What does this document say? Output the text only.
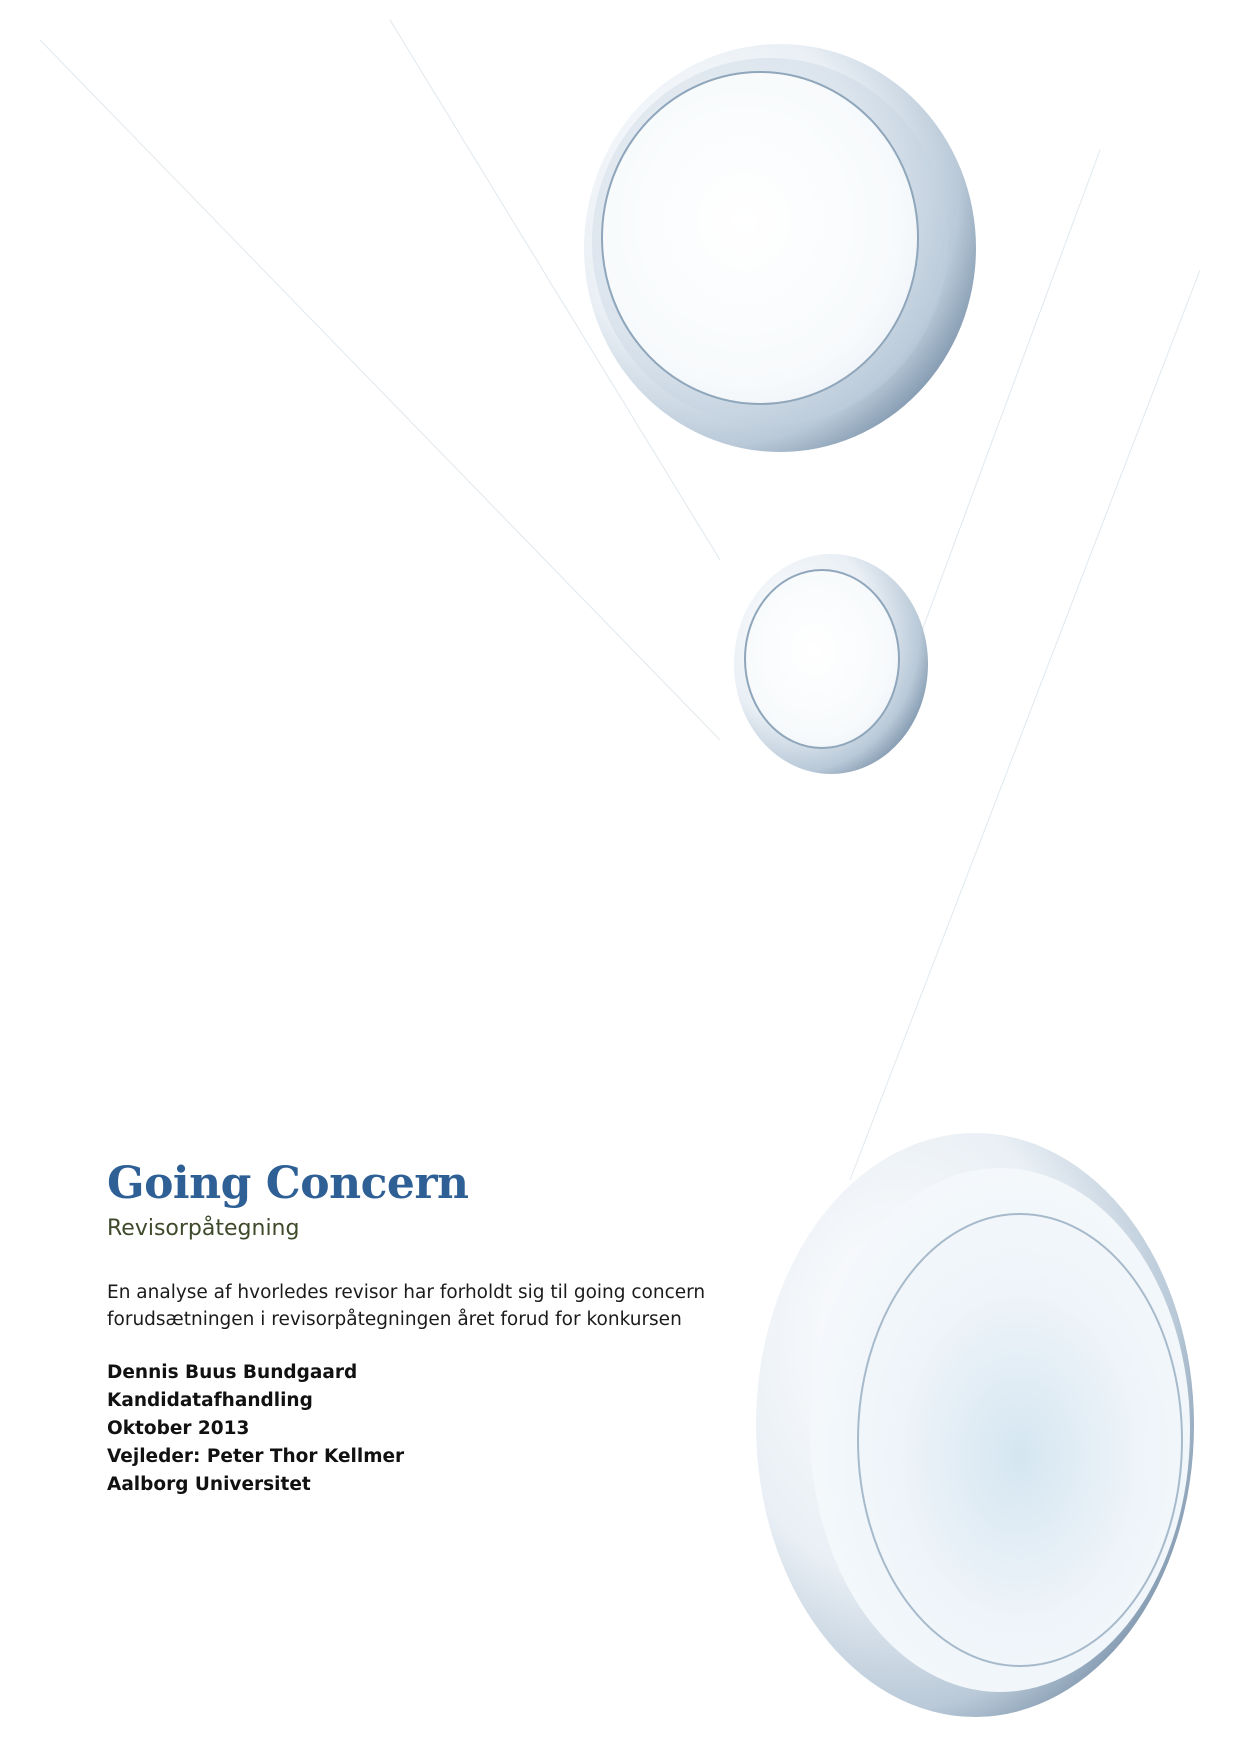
Going Concern
Revisorpåtegning
En analyse af hvorledes revisor har forholdt sig til going concern forudsætningen i revisorpåtegningen året forud for konkursen
Dennis Buus Bundgaard
Kandidatafhandling
Oktober 2013
Vejleder: Peter Thor Kellmer
Aalborg Universitet
